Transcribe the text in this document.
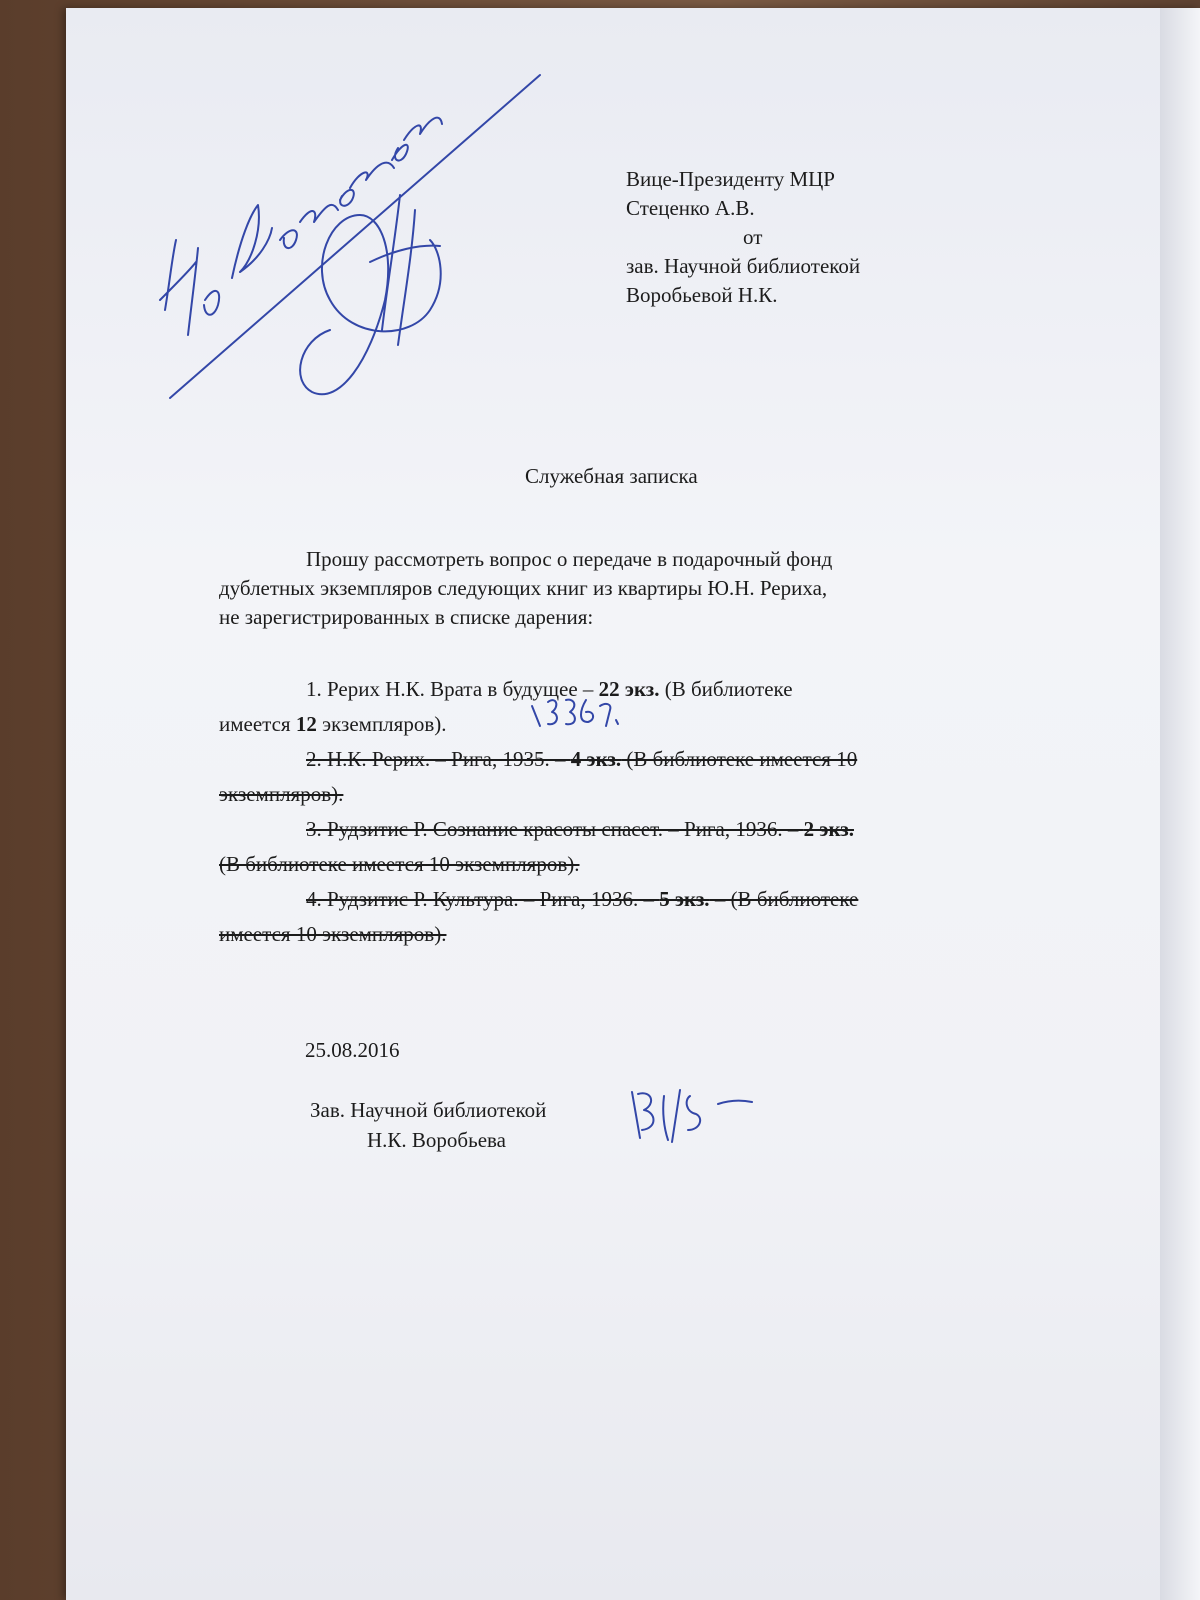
Вице-Президенту МЦР
Стеценко А.В.
от
зав. Научной библиотекой
Воробьевой Н.К.
Служебная записка
Прошу рассмотреть вопрос о передаче в подарочный фонд
дублетных экземпляров следующих книг из квартиры Ю.Н. Рериха,
не зарегистрированных в списке дарения:
1. Рерих Н.К. Врата в будущее – 22 экз. (В библиотеке
имеется 12 экземпляров).
2. Н.К. Рерих. – Рига, 1935. – 4 экз. (В библиотеке имеется 10
экземпляров).
3. Рудзитис Р. Сознание красоты спасет. – Рига, 1936. – 2 экз.
(В библиотеке имеется 10 экземпляров).
4. Рудзитис Р. Культура. – Рига, 1936. – 5 экз. – (В библиотеке
имеется 10 экземпляров).
25.08.2016
Зав. Научной библиотекой
Н.К. Воробьева
